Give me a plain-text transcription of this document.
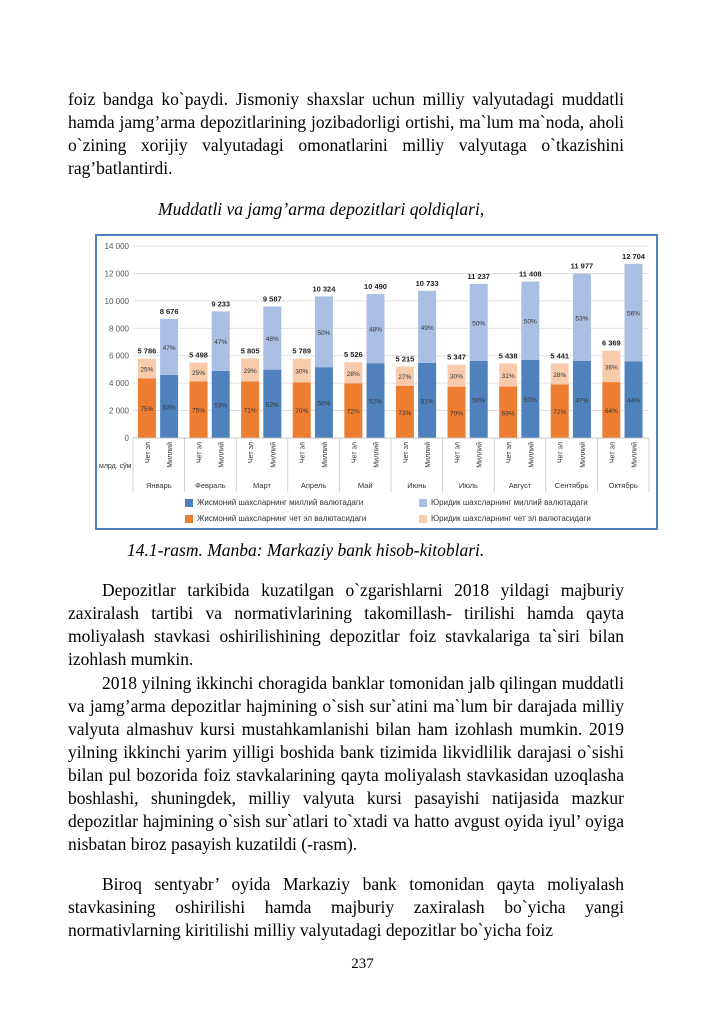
foiz bandga ko`paydi. Jismoniy shaxslar uchun milliy valyutadagi muddatli hamda jamg’arma depozitlarining jozibadorligi ortishi, ma`lum ma`noda, aholi o`zining xorijiy valyutadagi omonatlarini milliy valyutaga o`tkazishini rag’batlantirdi.

Muddatli va jamg’arma depozitlari qoldiqlari,
0
2 000
4 000
6 000
8 000
10 000
12 000
14 000
75%
25%
5 786
Чет эл
53%
47%
8 676
Миллий
Январь
75%
25%
5 498
Чет эл
53%
47%
9 233
Миллий
Февраль
71%
29%
5 805
Чет эл
52%
48%
9 587
Миллий
Март
70%
30%
5 789
Чет эл
50%
50%
10 324
Миллий
Апрель
72%
28%
5 526
Чет эл
52%
48%
10 490
Миллий
Май
73%
27%
5 215
Чет эл
51%
49%
10 733
Миллий
Июнь
70%
30%
5 347
Чет эл
50%
50%
11 237
Миллий
Июль
69%
31%
5 438
Чет эл
50%
50%
11 408
Миллий
Август
72%
28%
5 441
Чет эл
47%
53%
11 977
Миллий
Сентябрь
64%
36%
6 369
Чет эл
44%
56%
12 704
Миллий
Октябрь
млрд. сўм
Жисмоний шахсларнинг миллий валютадаги	Юридик шахсларнинг миллий валютадаги
Жисмоний шахсларнинг чет эл валютасидаги	Юридик шахсларнинг чет эл валютасидаги
14.1-rasm. Manba: Markaziy bank hisob-kitoblari.

Depozitlar tarkibida kuzatilgan o`zgarishlarni 2018 yildagi majburiy zaxiralash tartibi va normativlarining takomillash- tirilishi hamda qayta moliyalash stavkasi oshirilishining depozitlar foiz stavkalariga ta`siri bilan izohlash mumkin.

2018 yilning ikkinchi choragida banklar tomonidan jalb qilingan muddatli va jamg’arma depozitlar hajmining o`sish sur`atini ma`lum bir darajada milliy valyuta almashuv kursi mustahkamlanishi bilan ham izohlash mumkin. 2019 yilning ikkinchi yarim yilligi boshida bank tizimida likvidlilik darajasi o`sishi bilan pul bozorida foiz stavkalarining qayta moliyalash stavkasidan uzoqlasha boshlashi, shuningdek, milliy valyuta kursi pasayishi natijasida mazkur depozitlar hajmining o`sish sur`atlari to`xtadi va hatto avgust oyida iyul’ oyiga nisbatan biroz pasayish kuzatildi (-rasm).

Biroq sentyabr’ oyida Markaziy bank tomonidan qayta moliyalash stavkasining oshirilishi hamda majburiy zaxiralash bo`yicha yangi normativlarning kiritilishi milliy valyutadagi depozitlar bo`yicha foiz

237
